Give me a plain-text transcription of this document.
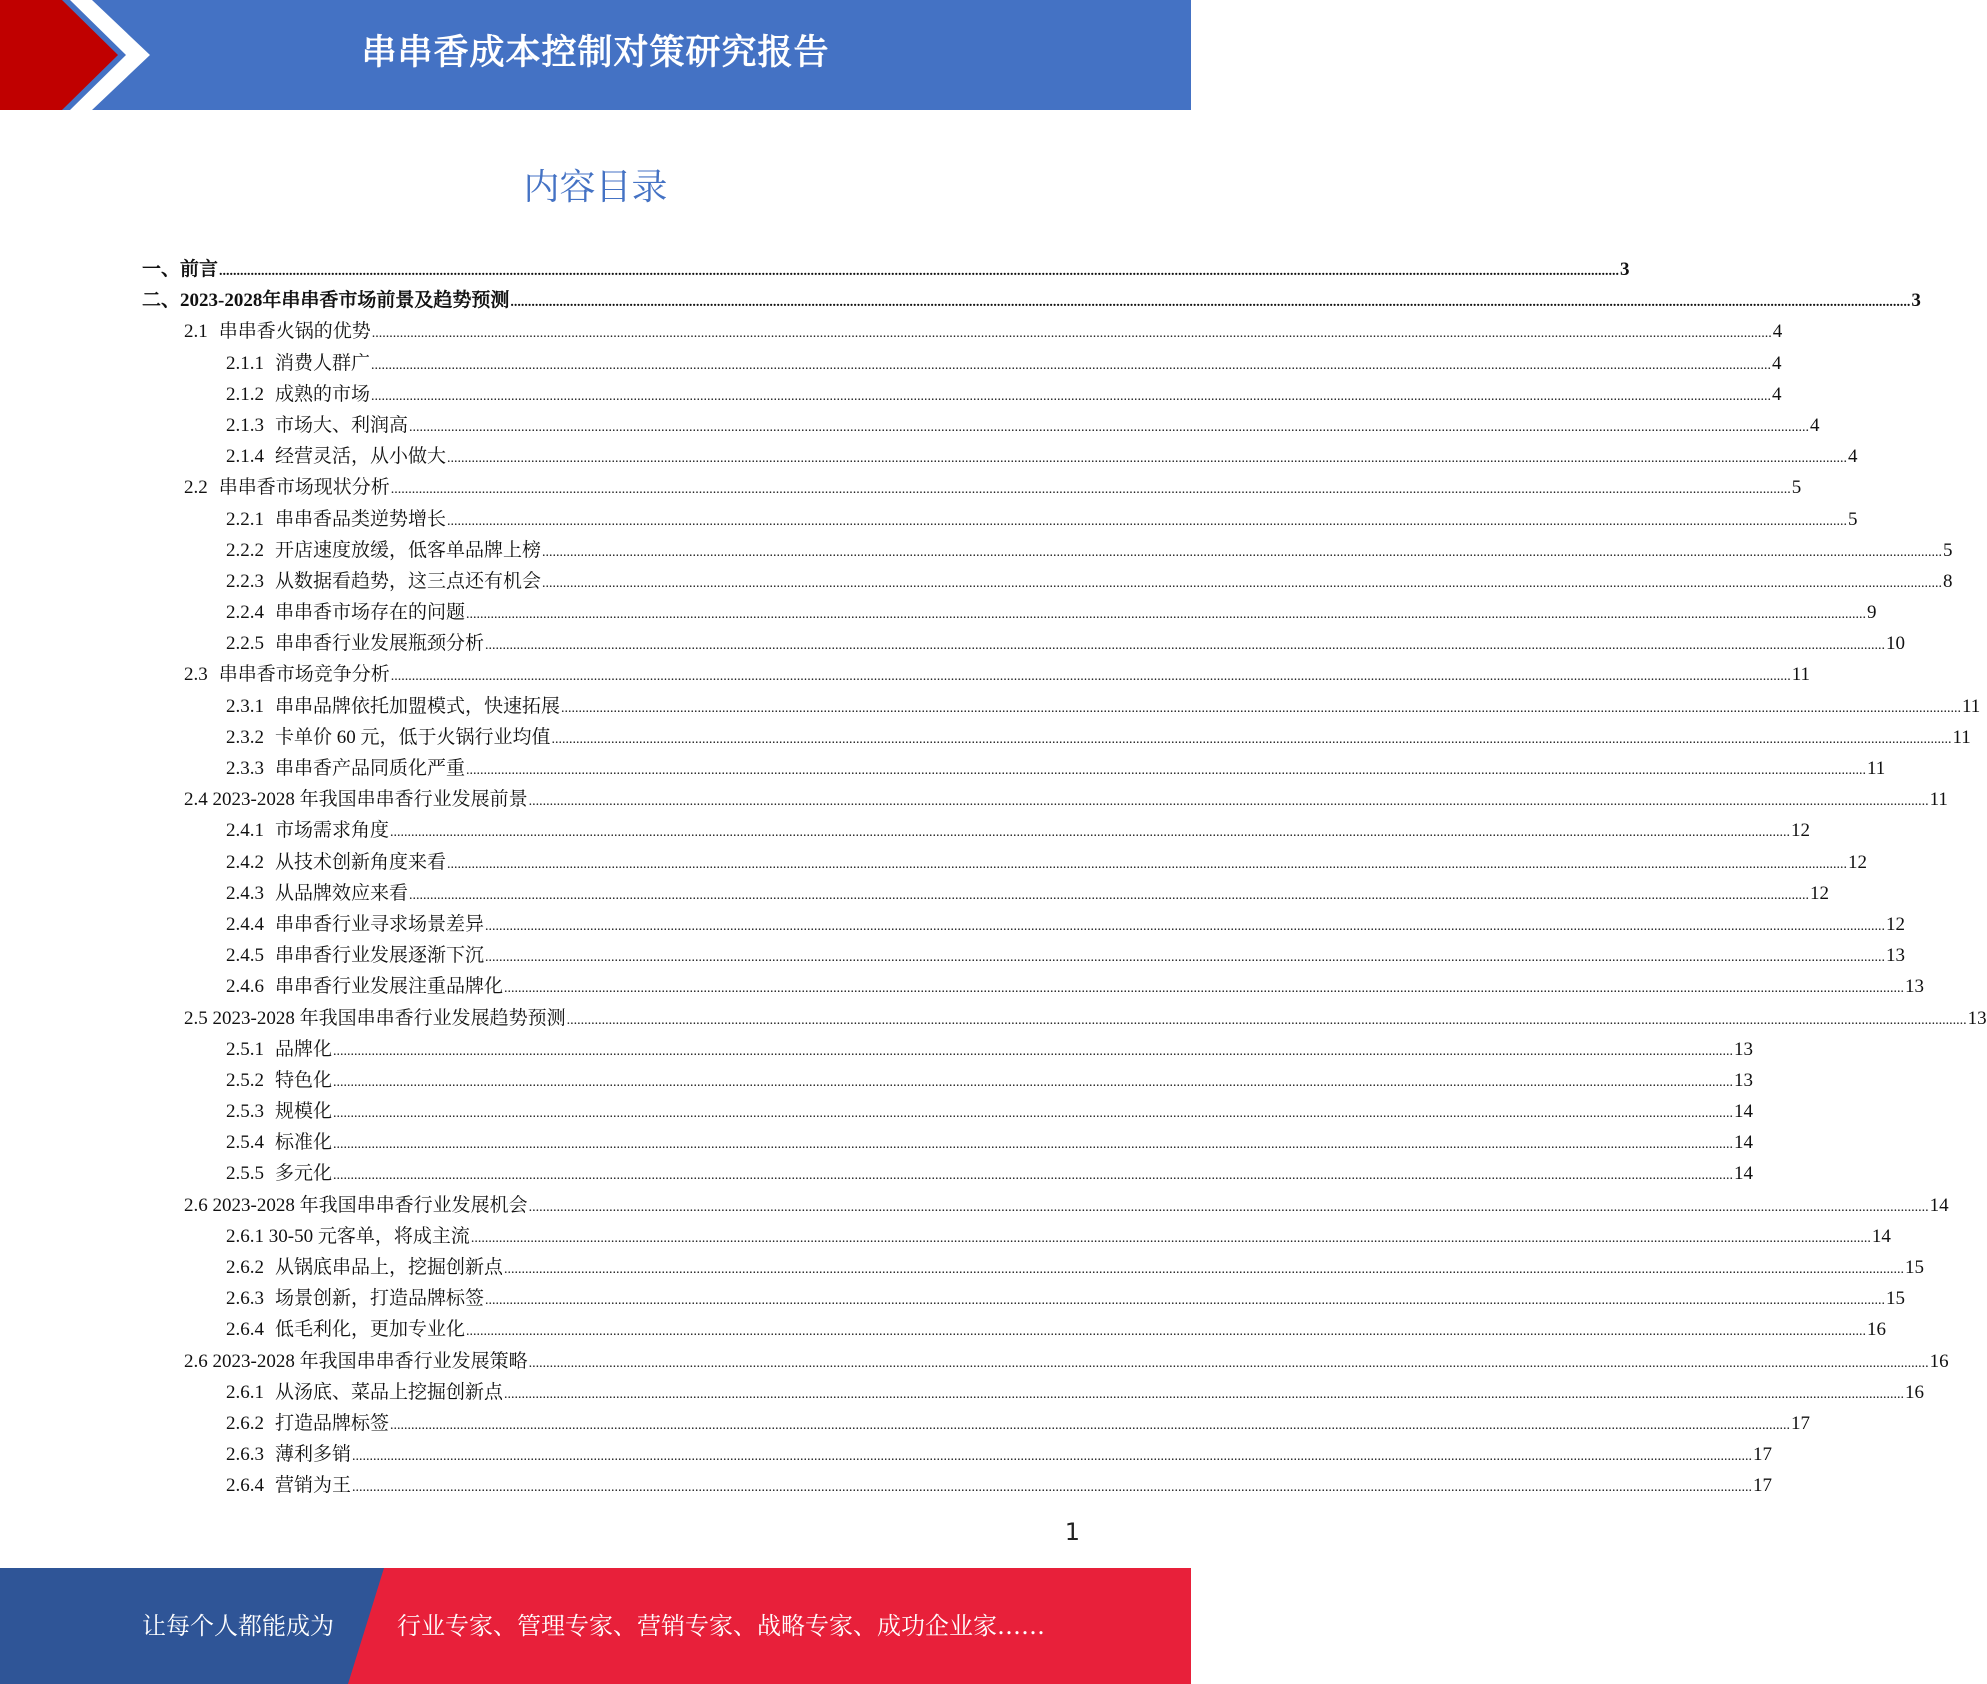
串串香成本控制对策研究报告
内容目录
一、前言 ................................................................................................................................................................................................................................................................................................................................................................................................................ 3
二、2023-2028年串串香市场前景及趋势预测 ................................................................................................................................................................................................................................................................................................................................................................................................................ 3
2.1 串串香火锅的优势 ................................................................................................................................................................................................................................................................................................................................................................................................................ 4
2.1.1 消费人群广 ................................................................................................................................................................................................................................................................................................................................................................................................................ 4
2.1.2 成熟的市场 ................................................................................................................................................................................................................................................................................................................................................................................................................ 4
2.1.3 市场大、利润高 ................................................................................................................................................................................................................................................................................................................................................................................................................ 4
2.1.4 经营灵活，从小做大 ................................................................................................................................................................................................................................................................................................................................................................................................................ 4
2.2 串串香市场现状分析 ................................................................................................................................................................................................................................................................................................................................................................................................................ 5
2.2.1 串串香品类逆势增长 ................................................................................................................................................................................................................................................................................................................................................................................................................ 5
2.2.2 开店速度放缓，低客单品牌上榜 ................................................................................................................................................................................................................................................................................................................................................................................................................ 5
2.2.3 从数据看趋势，这三点还有机会 ................................................................................................................................................................................................................................................................................................................................................................................................................ 8
2.2.4 串串香市场存在的问题 ................................................................................................................................................................................................................................................................................................................................................................................................................ 9
2.2.5 串串香行业发展瓶颈分析 ................................................................................................................................................................................................................................................................................................................................................................................................................ 10
2.3 串串香市场竞争分析 ................................................................................................................................................................................................................................................................................................................................................................................................................ 11
2.3.1 串串品牌依托加盟模式，快速拓展 ................................................................................................................................................................................................................................................................................................................................................................................................................ 11
2.3.2 卡单价 60 元，低于火锅行业均值 ................................................................................................................................................................................................................................................................................................................................................................................................................ 11
2.3.3 串串香产品同质化严重 ................................................................................................................................................................................................................................................................................................................................................................................................................ 11
2.4 2023-2028 年我国串串香行业发展前景 ................................................................................................................................................................................................................................................................................................................................................................................................................ 11
2.4.1 市场需求角度 ................................................................................................................................................................................................................................................................................................................................................................................................................ 12
2.4.2 从技术创新角度来看 ................................................................................................................................................................................................................................................................................................................................................................................................................ 12
2.4.3 从品牌效应来看 ................................................................................................................................................................................................................................................................................................................................................................................................................ 12
2.4.4 串串香行业寻求场景差异 ................................................................................................................................................................................................................................................................................................................................................................................................................ 12
2.4.5 串串香行业发展逐渐下沉 ................................................................................................................................................................................................................................................................................................................................................................................................................ 13
2.4.6 串串香行业发展注重品牌化 ................................................................................................................................................................................................................................................................................................................................................................................................................ 13
2.5 2023-2028 年我国串串香行业发展趋势预测 ................................................................................................................................................................................................................................................................................................................................................................................................................ 13
2.5.1 品牌化 ................................................................................................................................................................................................................................................................................................................................................................................................................ 13
2.5.2 特色化 ................................................................................................................................................................................................................................................................................................................................................................................................................ 13
2.5.3 规模化 ................................................................................................................................................................................................................................................................................................................................................................................................................ 14
2.5.4 标准化 ................................................................................................................................................................................................................................................................................................................................................................................................................ 14
2.5.5 多元化 ................................................................................................................................................................................................................................................................................................................................................................................................................ 14
2.6 2023-2028 年我国串串香行业发展机会 ................................................................................................................................................................................................................................................................................................................................................................................................................ 14
2.6.1 30-50 元客单，将成主流 ................................................................................................................................................................................................................................................................................................................................................................................................................ 14
2.6.2 从锅底串品上，挖掘创新点 ................................................................................................................................................................................................................................................................................................................................................................................................................ 15
2.6.3 场景创新，打造品牌标签 ................................................................................................................................................................................................................................................................................................................................................................................................................ 15
2.6.4 低毛利化，更加专业化 ................................................................................................................................................................................................................................................................................................................................................................................................................ 16
2.6 2023-2028 年我国串串香行业发展策略 ................................................................................................................................................................................................................................................................................................................................................................................................................ 16
2.6.1 从汤底、菜品上挖掘创新点 ................................................................................................................................................................................................................................................................................................................................................................................................................ 16
2.6.2 打造品牌标签 ................................................................................................................................................................................................................................................................................................................................................................................................................ 17
2.6.3 薄利多销 ................................................................................................................................................................................................................................................................................................................................................................................................................ 17
2.6.4 营销为王 ................................................................................................................................................................................................................................................................................................................................................................................................................ 17
1
让每个人都能成为	行业专家、管理专家、营销专家、战略专家、成功企业家……
